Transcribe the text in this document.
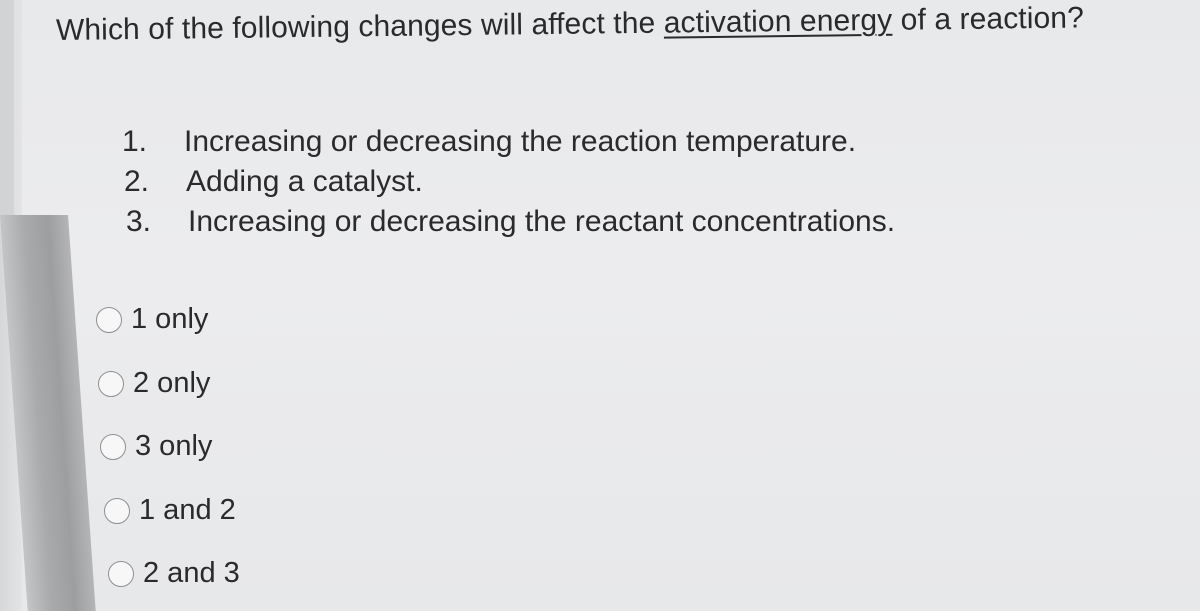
Which of the following changes will affect the activation energy of a reaction?
1.	Increasing or decreasing the reaction temperature.
2.	Adding a catalyst.
3.	Increasing or decreasing the reactant concentrations.
1 only
2 only
3 only
1 and 2
2 and 3
